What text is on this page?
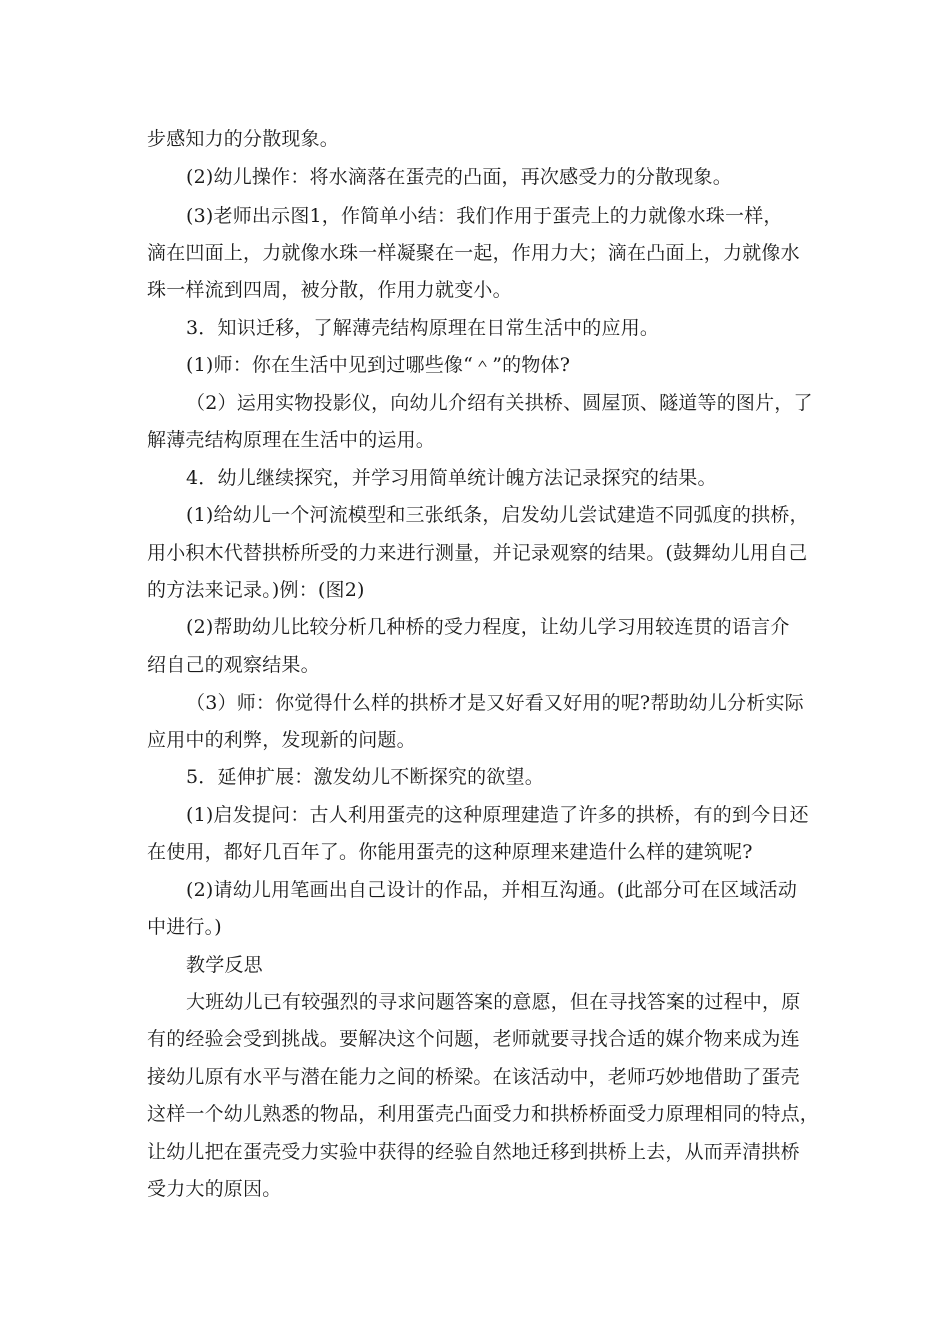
步感知力的分散现象。
(2)幼儿操作：将水滴落在蛋壳的凸面，再次感受力的分散现象。
(3)老师出示图1，作简单小结：我们作用于蛋壳上的力就像水珠一样，
滴在凹面上，力就像水珠一样凝聚在一起，作用力大；滴在凸面上，力就像水
珠一样流到四周，被分散，作用力就变小。
3．知识迁移，了解薄壳结构原理在日常生活中的应用。
(1)师：你在生活中见到过哪些像“＾”的物体?
（2）运用实物投影仪，向幼儿介绍有关拱桥、圆屋顶、隧道等的图片，了
解薄壳结构原理在生活中的运用。
4．幼儿继续探究，并学习用简单统计魄方法记录探究的结果。
(1)给幼儿一个河流模型和三张纸条，启发幼儿尝试建造不同弧度的拱桥，
用小积木代替拱桥所受的力来进行测量，并记录观察的结果。(鼓舞幼儿用自己
的方法来记录。)例：(图2)
(2)帮助幼儿比较分析几种桥的受力程度，让幼儿学习用较连贯的语言介
绍自己的观察结果。
（3）师：你觉得什么样的拱桥才是又好看又好用的呢?帮助幼儿分析实际
应用中的利弊，发现新的问题。
5．延伸扩展：激发幼儿不断探究的欲望。
(1)启发提问：古人利用蛋壳的这种原理建造了许多的拱桥，有的到今日还
在使用，都好几百年了。你能用蛋壳的这种原理来建造什么样的建筑呢?
(2)请幼儿用笔画出自己设计的作品，并相互沟通。(此部分可在区域活动
中进行。)
教学反思
大班幼儿已有较强烈的寻求问题答案的意愿，但在寻找答案的过程中，原
有的经验会受到挑战。要解决这个问题，老师就要寻找合适的媒介物来成为连
接幼儿原有水平与潜在能力之间的桥梁。在该活动中，老师巧妙地借助了蛋壳
这样一个幼儿熟悉的物品，利用蛋壳凸面受力和拱桥桥面受力原理相同的特点，
让幼儿把在蛋壳受力实验中获得的经验自然地迁移到拱桥上去，从而弄清拱桥
受力大的原因。
